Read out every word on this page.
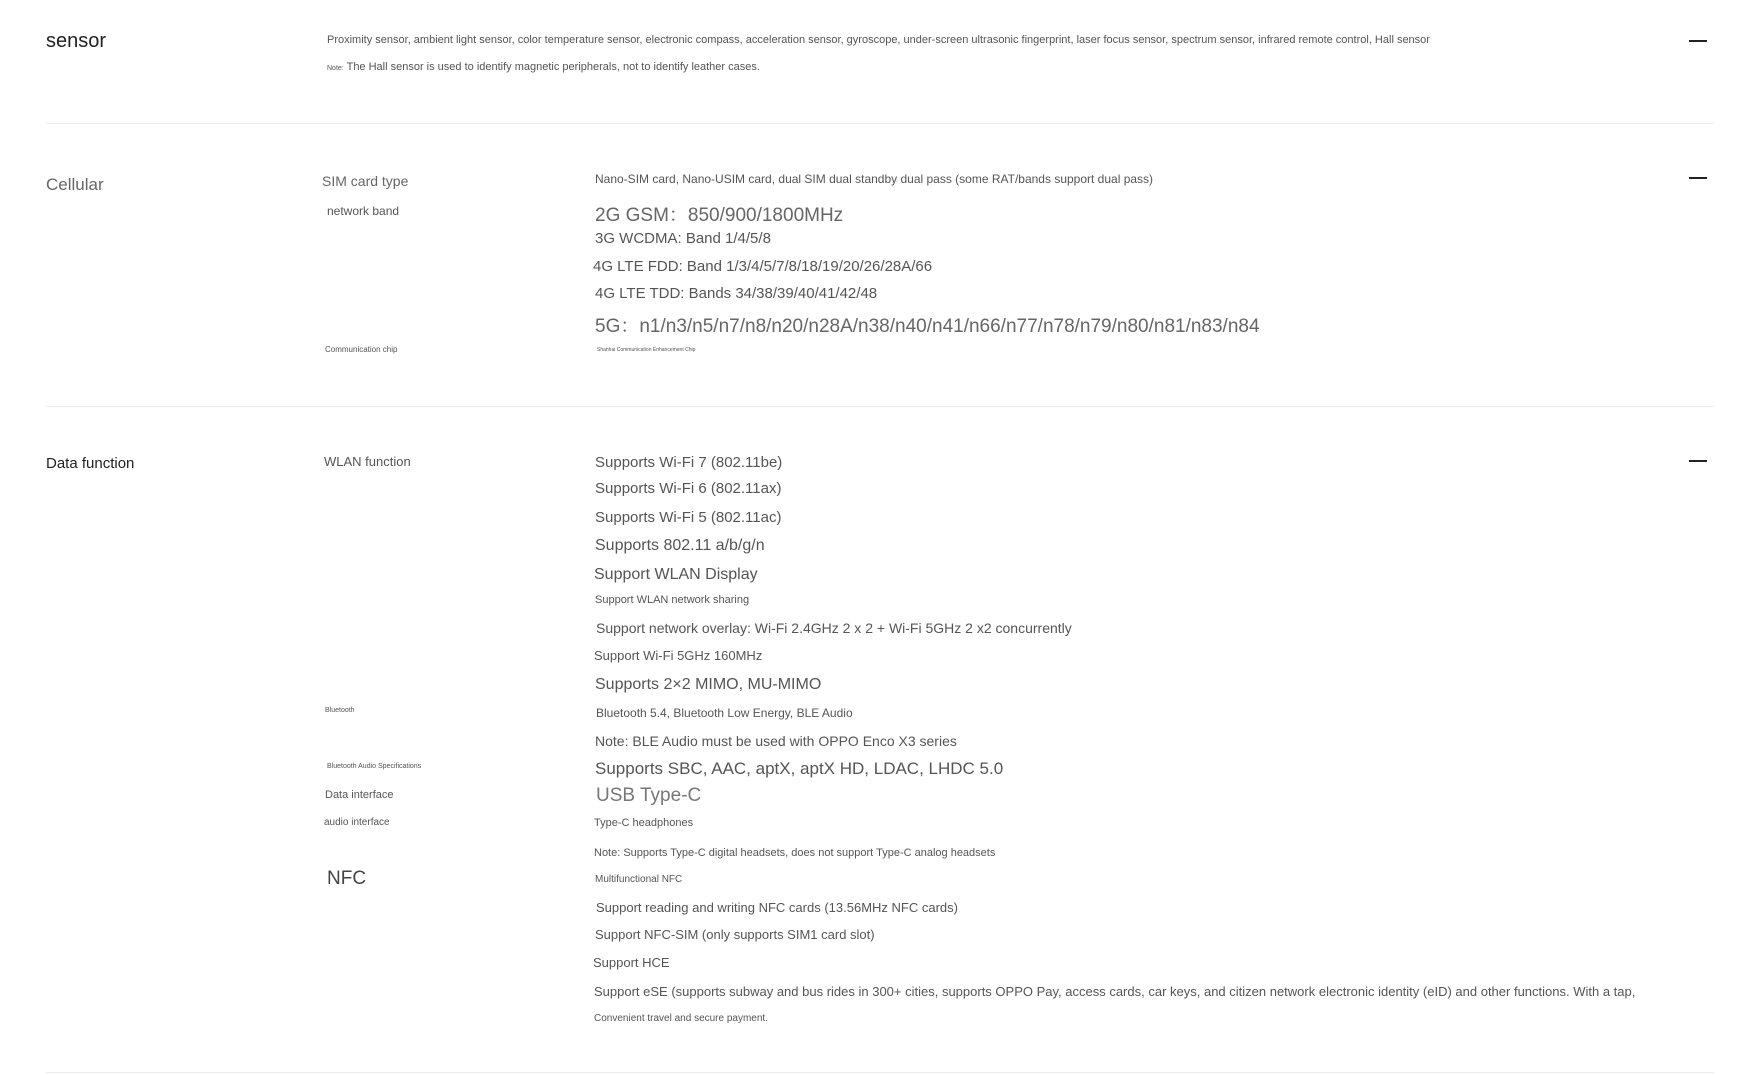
sensor	Proximity sensor, ambient light sensor, color temperature sensor, electronic compass, acceleration sensor, gyroscope, under-screen ultrasonic fingerprint, laser focus sensor, spectrum sensor, infrared remote control, Hall sensor
Note: The Hall sensor is used to identify magnetic peripherals, not to identify leather cases.
Cellular	SIM card type	Nano-SIM card, Nano-USIM card, dual SIM dual standby dual pass (some RAT/bands support dual pass)
network band	2G GSM：850/900/1800MHz
3G WCDMA: Band 1/4/5/8
4G LTE FDD: Band 1/3/4/5/7/8/18/19/20/26/28A/66
4G LTE TDD: Bands 34/38/39/40/41/42/48
5G：n1/n3/n5/n7/n8/n20/n28A/n38/n40/n41/n66/n77/n78/n79/n80/n81/n83/n84
Communication chip	Shanhai Communication Enhancement Chip
Data function	WLAN function	Supports Wi-Fi 7 (802.11be)
Supports Wi-Fi 6 (802.11ax)
Supports Wi-Fi 5 (802.11ac)
Supports 802.11 a/b/g/n
Support WLAN Display
Support WLAN network sharing
Support network overlay: Wi-Fi 2.4GHz 2 x 2 + Wi-Fi 5GHz 2 x2 concurrently
Support Wi-Fi 5GHz 160MHz
Supports 2×2 MIMO, MU-MIMO
Bluetooth	Bluetooth 5.4, Bluetooth Low Energy, BLE Audio
Note: BLE Audio must be used with OPPO Enco X3 series
Bluetooth Audio Specifications	Supports SBC, AAC, aptX, aptX HD, LDAC, LHDC 5.0
Data interface	USB Type-C
audio interface	Type-C headphones
Note: Supports Type-C digital headsets, does not support Type-C analog headsets
NFC	Multifunctional NFC
Support reading and writing NFC cards (13.56MHz NFC cards)
Support NFC-SIM (only supports SIM1 card slot)
Support HCE
Support eSE (supports subway and bus rides in 300+ cities, supports OPPO Pay, access cards, car keys, and citizen network electronic identity (eID) and other functions. With a tap,
Convenient travel and secure payment.
